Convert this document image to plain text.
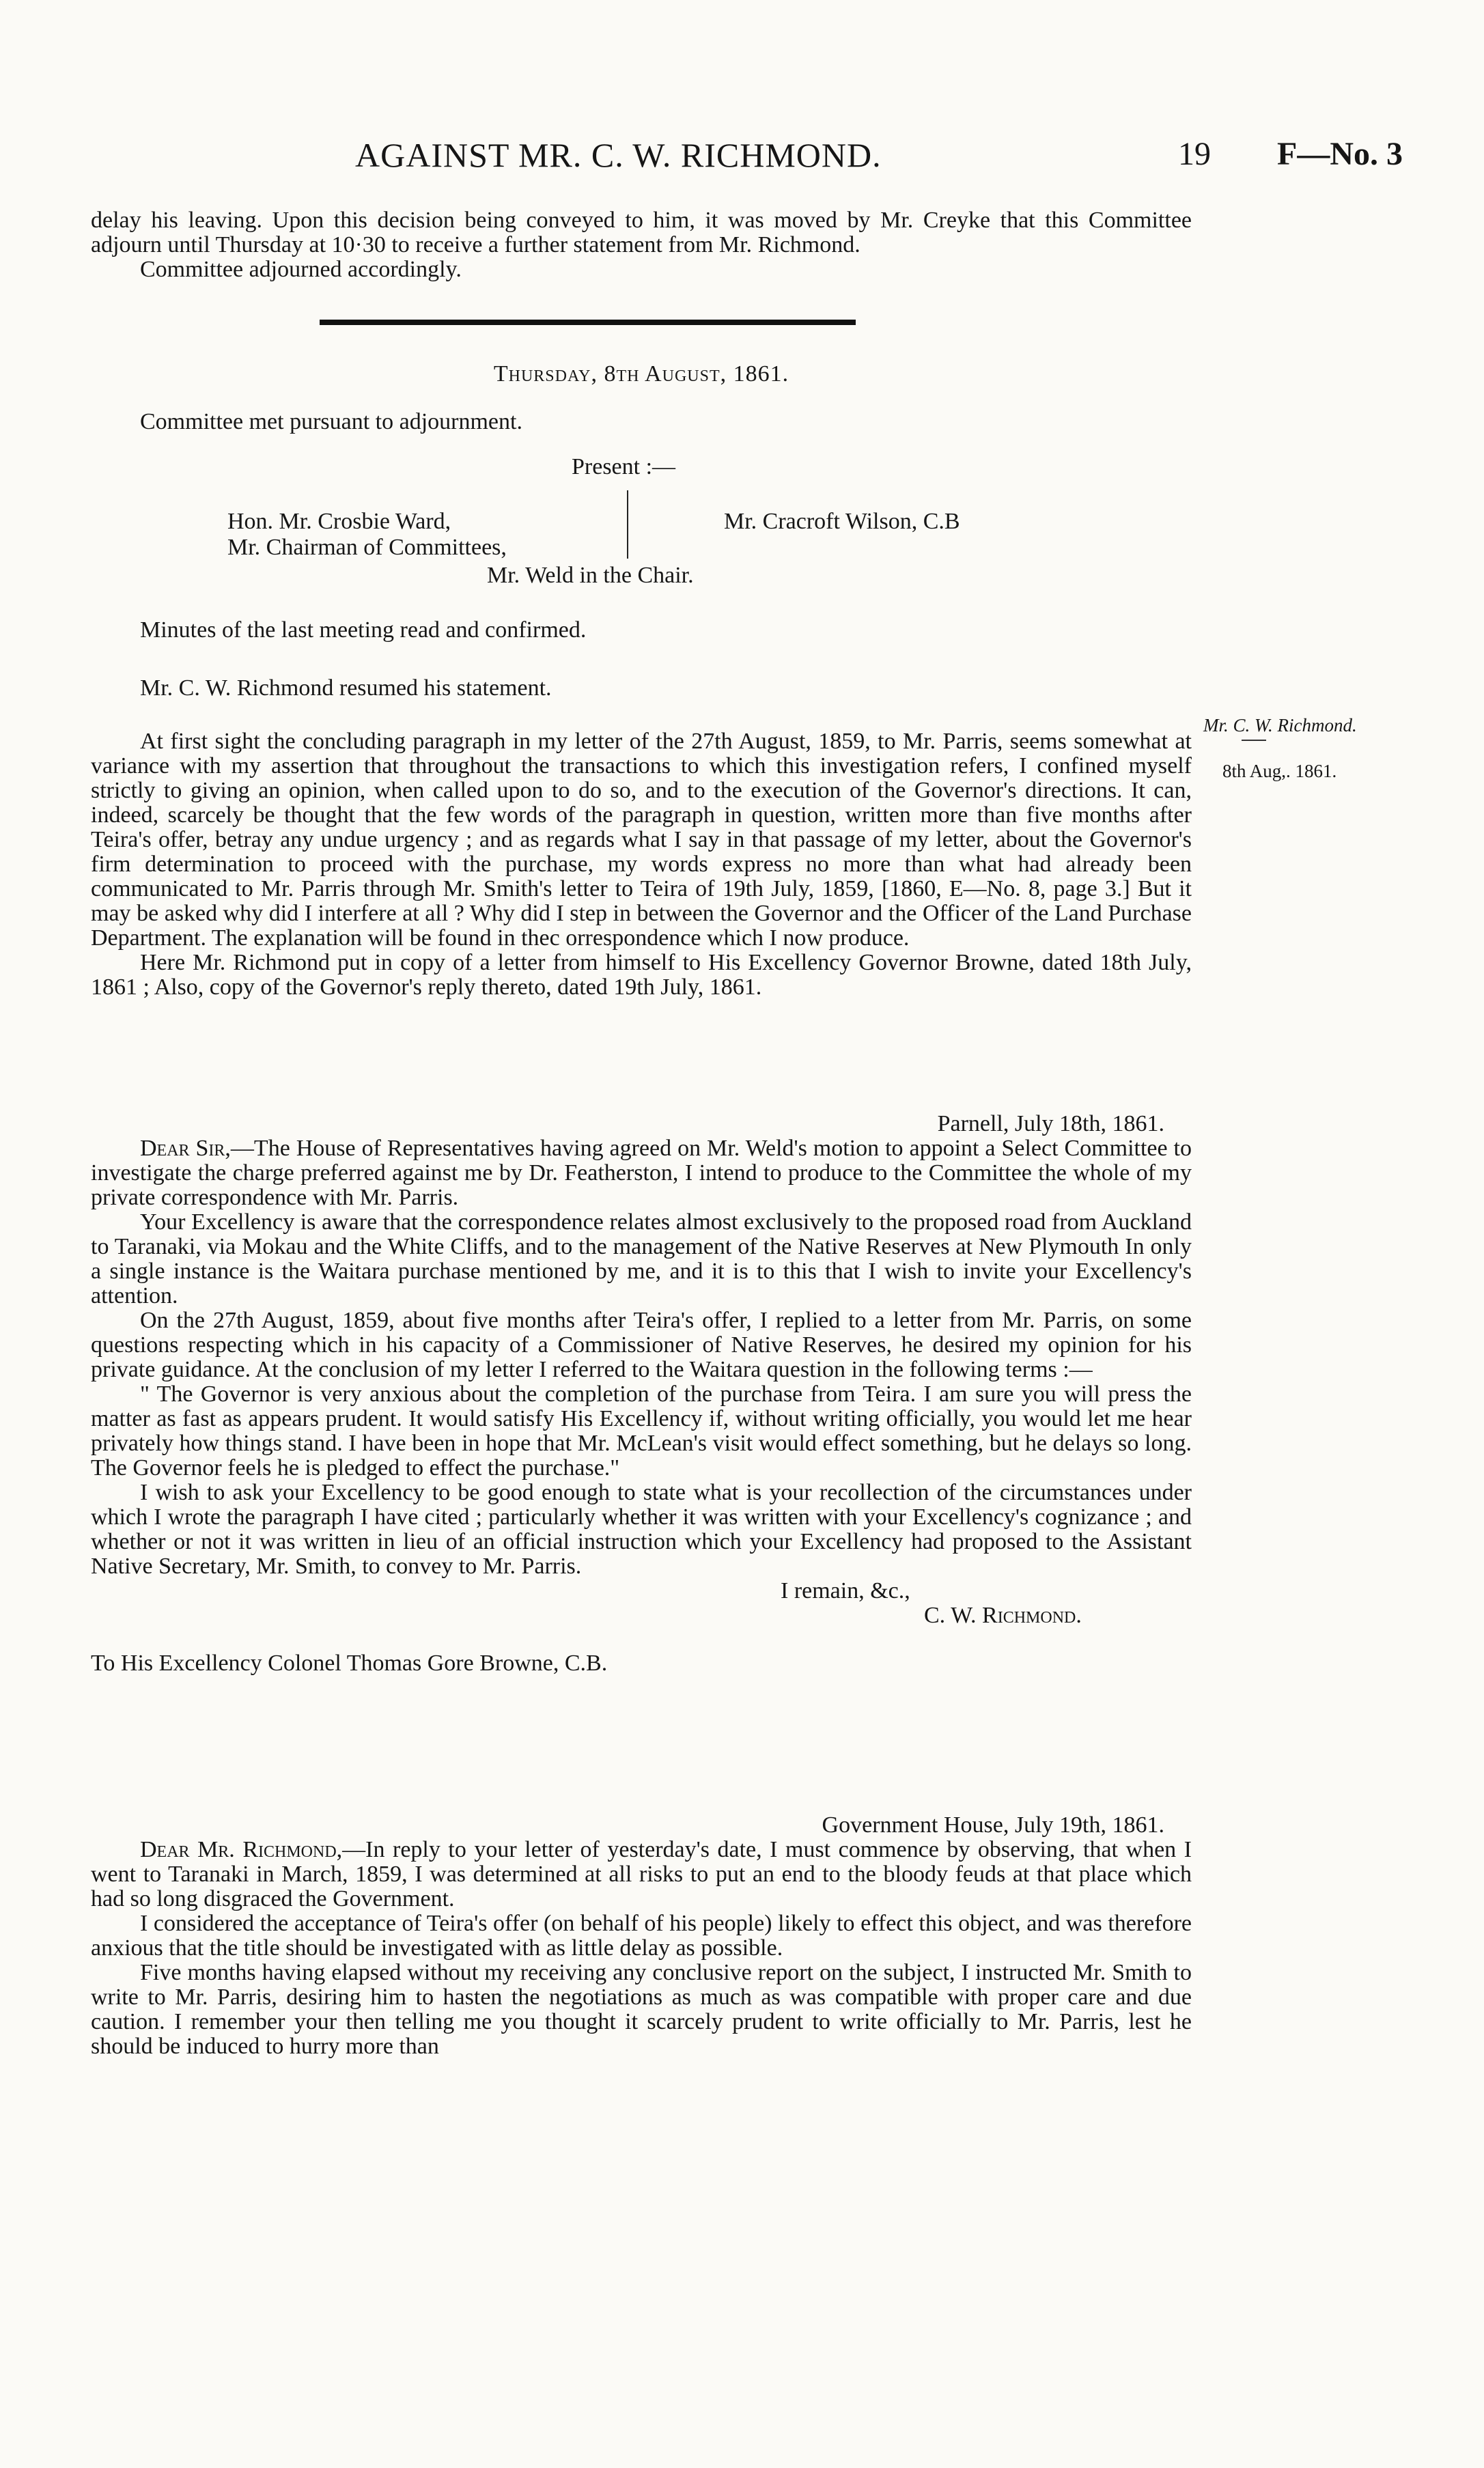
AGAINST MR. C. W. RICHMOND.	19 F—No. 3

delay his leaving. Upon this decision being conveyed to him, it was moved by Mr. Creyke that this Committee adjourn until Thursday at 10·30 to receive a further statement from Mr. Richmond.

Committee adjourned accordingly.

Thursday, 8th August, 1861.

Committee met pursuant to adjournment.

Present :—
Hon. Mr. Crosbie Ward,
Mr. Chairman of Committees,
Mr. Cracroft Wilson, C.B
Mr. Weld in the Chair.

Minutes of the last meeting read and confirmed.

Mr. C. W. Richmond resumed his statement.

Mr. C. W. Richmond.
8th Aug,. 1861.

At first sight the concluding paragraph in my letter of the 27th August, 1859, to Mr. Parris, seems somewhat at variance with my assertion that throughout the transactions to which this investigation refers, I confined myself strictly to giving an opinion, when called upon to do so, and to the execution of the Governor's directions. It can, indeed, scarcely be thought that the few words of the paragraph in question, written more than five months after Teira's offer, betray any undue urgency ; and as regards what I say in that passage of my letter, about the Governor's firm determination to proceed with the purchase, my words express no more than what had already been communicated to Mr. Parris through Mr. Smith's letter to Teira of 19th July, 1859, [1860, E—No. 8, page 3.] But it may be asked why did I interfere at all ? Why did I step in between the Governor and the Officer of the Land Purchase Department. The explanation will be found in thec orrespondence which I now produce.

Here Mr. Richmond put in copy of a letter from himself to His Excellency Governor Browne, dated 18th July, 1861 ; Also, copy of the Governor's reply thereto, dated 19th July, 1861.

Parnell, July 18th, 1861.

Dear Sir,—The House of Representatives having agreed on Mr. Weld's motion to appoint a Select Committee to investigate the charge preferred against me by Dr. Featherston, I intend to produce to the Committee the whole of my private correspondence with Mr. Parris.

Your Excellency is aware that the correspondence relates almost exclusively to the proposed road from Auckland to Taranaki, via Mokau and the White Cliffs, and to the management of the Native Reserves at New Plymouth In only a single instance is the Waitara purchase mentioned by me, and it is to this that I wish to invite your Excellency's attention.

On the 27th August, 1859, about five months after Teira's offer, I replied to a letter from Mr. Parris, on some questions respecting which in his capacity of a Commissioner of Native Reserves, he desired my opinion for his private guidance. At the conclusion of my letter I referred to the Waitara question in the following terms :—

" The Governor is very anxious about the completion of the purchase from Teira. I am sure you will press the matter as fast as appears prudent. It would satisfy His Excellency if, without writing officially, you would let me hear privately how things stand. I have been in hope that Mr. McLean's visit would effect something, but he delays so long. The Governor feels he is pledged to effect the purchase."

I wish to ask your Excellency to be good enough to state what is your recollection of the circumstances under which I wrote the paragraph I have cited ; particularly whether it was written with your Excellency's cognizance ; and whether or not it was written in lieu of an official instruction which your Excellency had proposed to the Assistant Native Secretary, Mr. Smith, to convey to Mr. Parris.

I remain, &c.,

C. W. Richmond.

To His Excellency Colonel Thomas Gore Browne, C.B.

Government House, July 19th, 1861.

Dear Mr. Richmond,—In reply to your letter of yesterday's date, I must commence by observing, that when I went to Taranaki in March, 1859, I was determined at all risks to put an end to the bloody feuds at that place which had so long disgraced the Government.

I considered the acceptance of Teira's offer (on behalf of his people) likely to effect this object, and was therefore anxious that the title should be investigated with as little delay as possible.

Five months having elapsed without my receiving any conclusive report on the subject, I instructed Mr. Smith to write to Mr. Parris, desiring him to hasten the negotiations as much as was compatible with proper care and due caution. I remember your then telling me you thought it scarcely prudent to write officially to Mr. Parris, lest he should be induced to hurry more than
